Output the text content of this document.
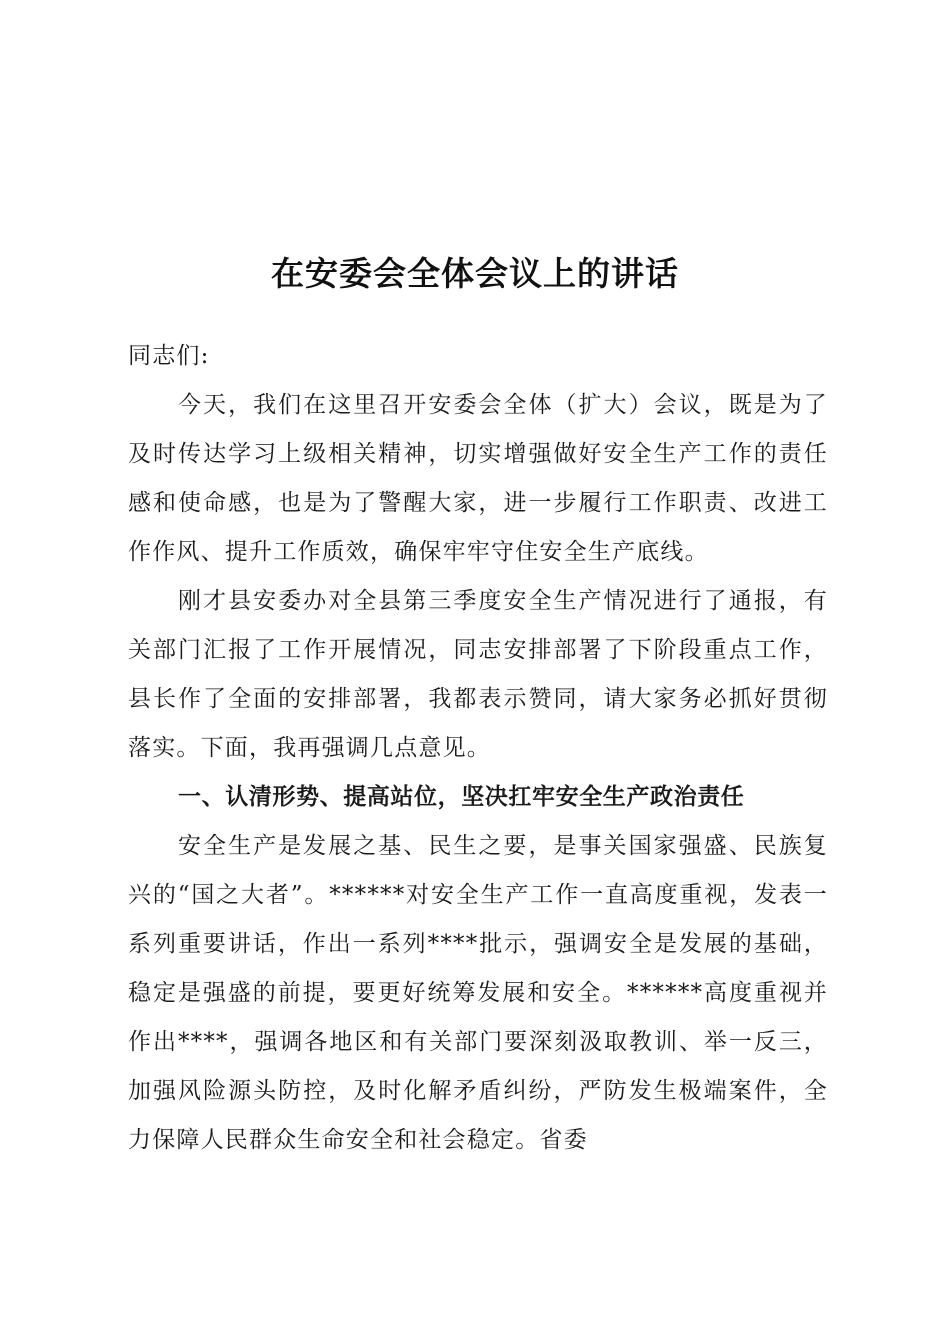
在安委会全体会议上的讲话

同志们:

今天，我们在这里召开安委会全体（扩大）会议，既是为了及时传达学习上级相关精神，切实增强做好安全生产工作的责任感和使命感，也是为了警醒大家，进一步履行工作职责、改进工作作风、提升工作质效，确保牢牢守住安全生产底线。

刚才县安委办对全县第三季度安全生产情况进行了通报，有关部门汇报了工作开展情况，同志安排部署了下阶段重点工作，县长作了全面的安排部署，我都表示赞同，请大家务必抓好贯彻落实。下面，我再强调几点意见。

一、认清形势、提高站位，坚决扛牢安全生产政治责任

安全生产是发展之基、民生之要，是事关国家强盛、民族复兴的“国之大者”。******对安全生产工作一直高度重视，发表一系列重要讲话，作出一系列****批示，强调安全是发展的基础，稳定是强盛的前提，要更好统筹发展和安全。******高度重视并作出****，强调各地区和有关部门要深刻汲取教训、举一反三，加强风险源头防控，及时化解矛盾纠纷，严防发生极端案件，全力保障人民群众生命安全和社会稳定。省委
